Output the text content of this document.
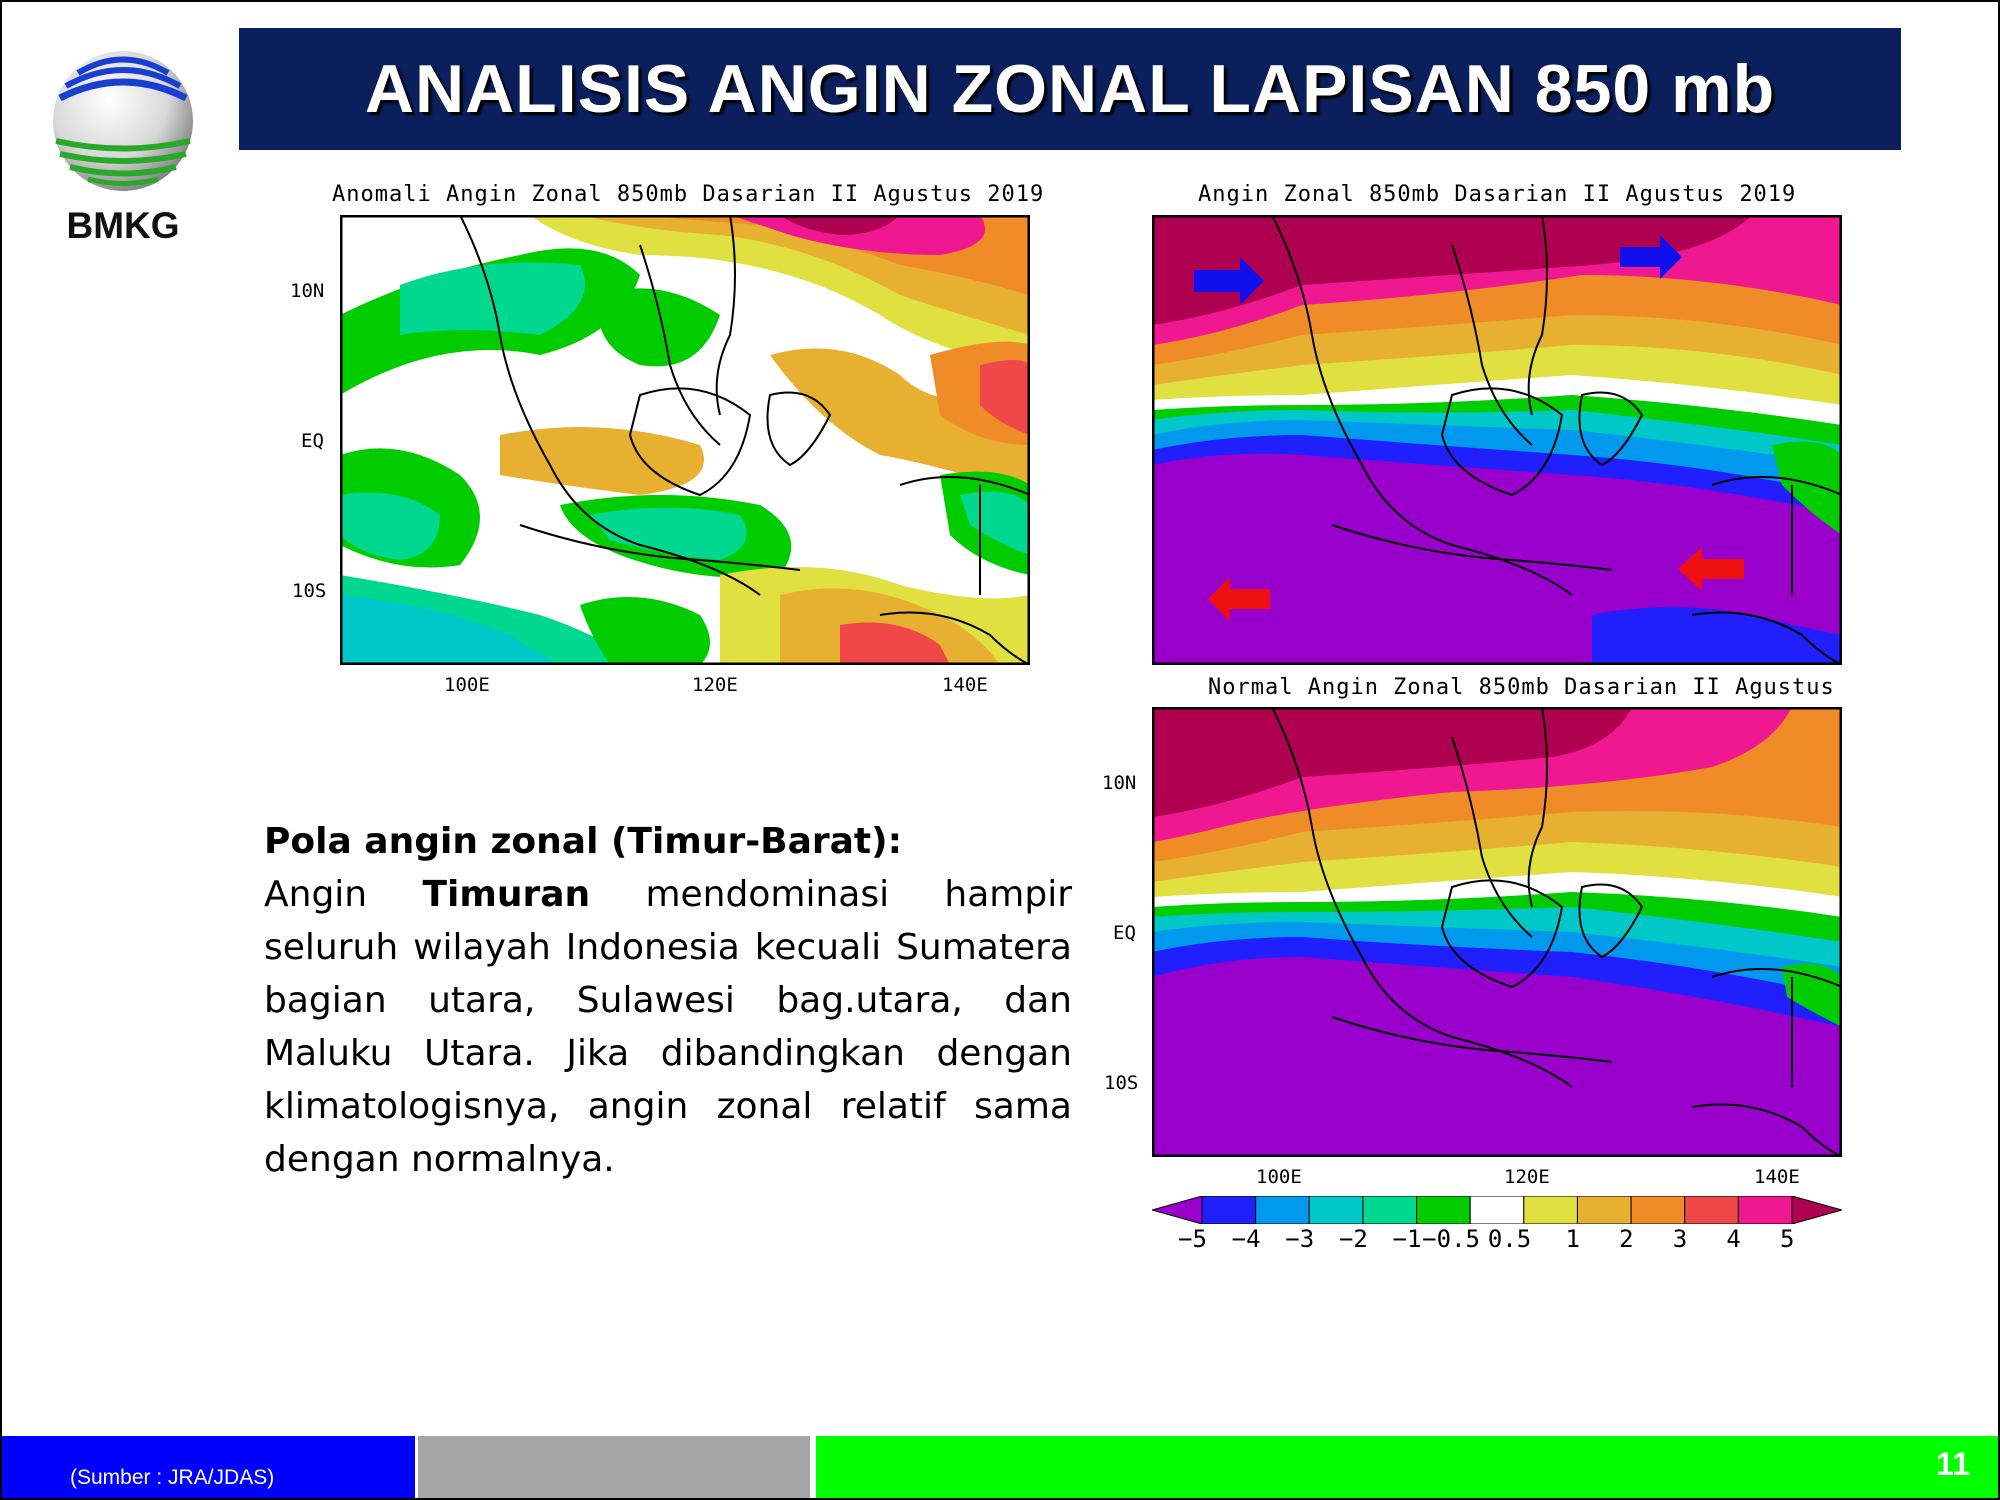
BMKG
ANALISIS ANGIN ZONAL LAPISAN 850 mb
Anomali Angin Zonal 850mb Dasarian II Agustus 2019
10N
EQ
10S
100E	120E	140E
Angin Zonal 850mb Dasarian II Agustus 2019
Normal Angin Zonal 850mb Dasarian II Agustus
10N
EQ
10S
100E	120E	140E
−5 −4 −3 −2 −1 −0.5 0.5 1 2 3 4 5
Pola angin zonal (Timur-Barat):
Angin Timuran mendominasi hampir seluruh wilayah Indonesia kecuali Sumatera bagian utara, Sulawesi bag.utara, dan Maluku Utara. Jika dibandingkan dengan klimatologisnya, angin zonal relatif sama dengan normalnya.
(Sumber : JRA/JDAS)	11
